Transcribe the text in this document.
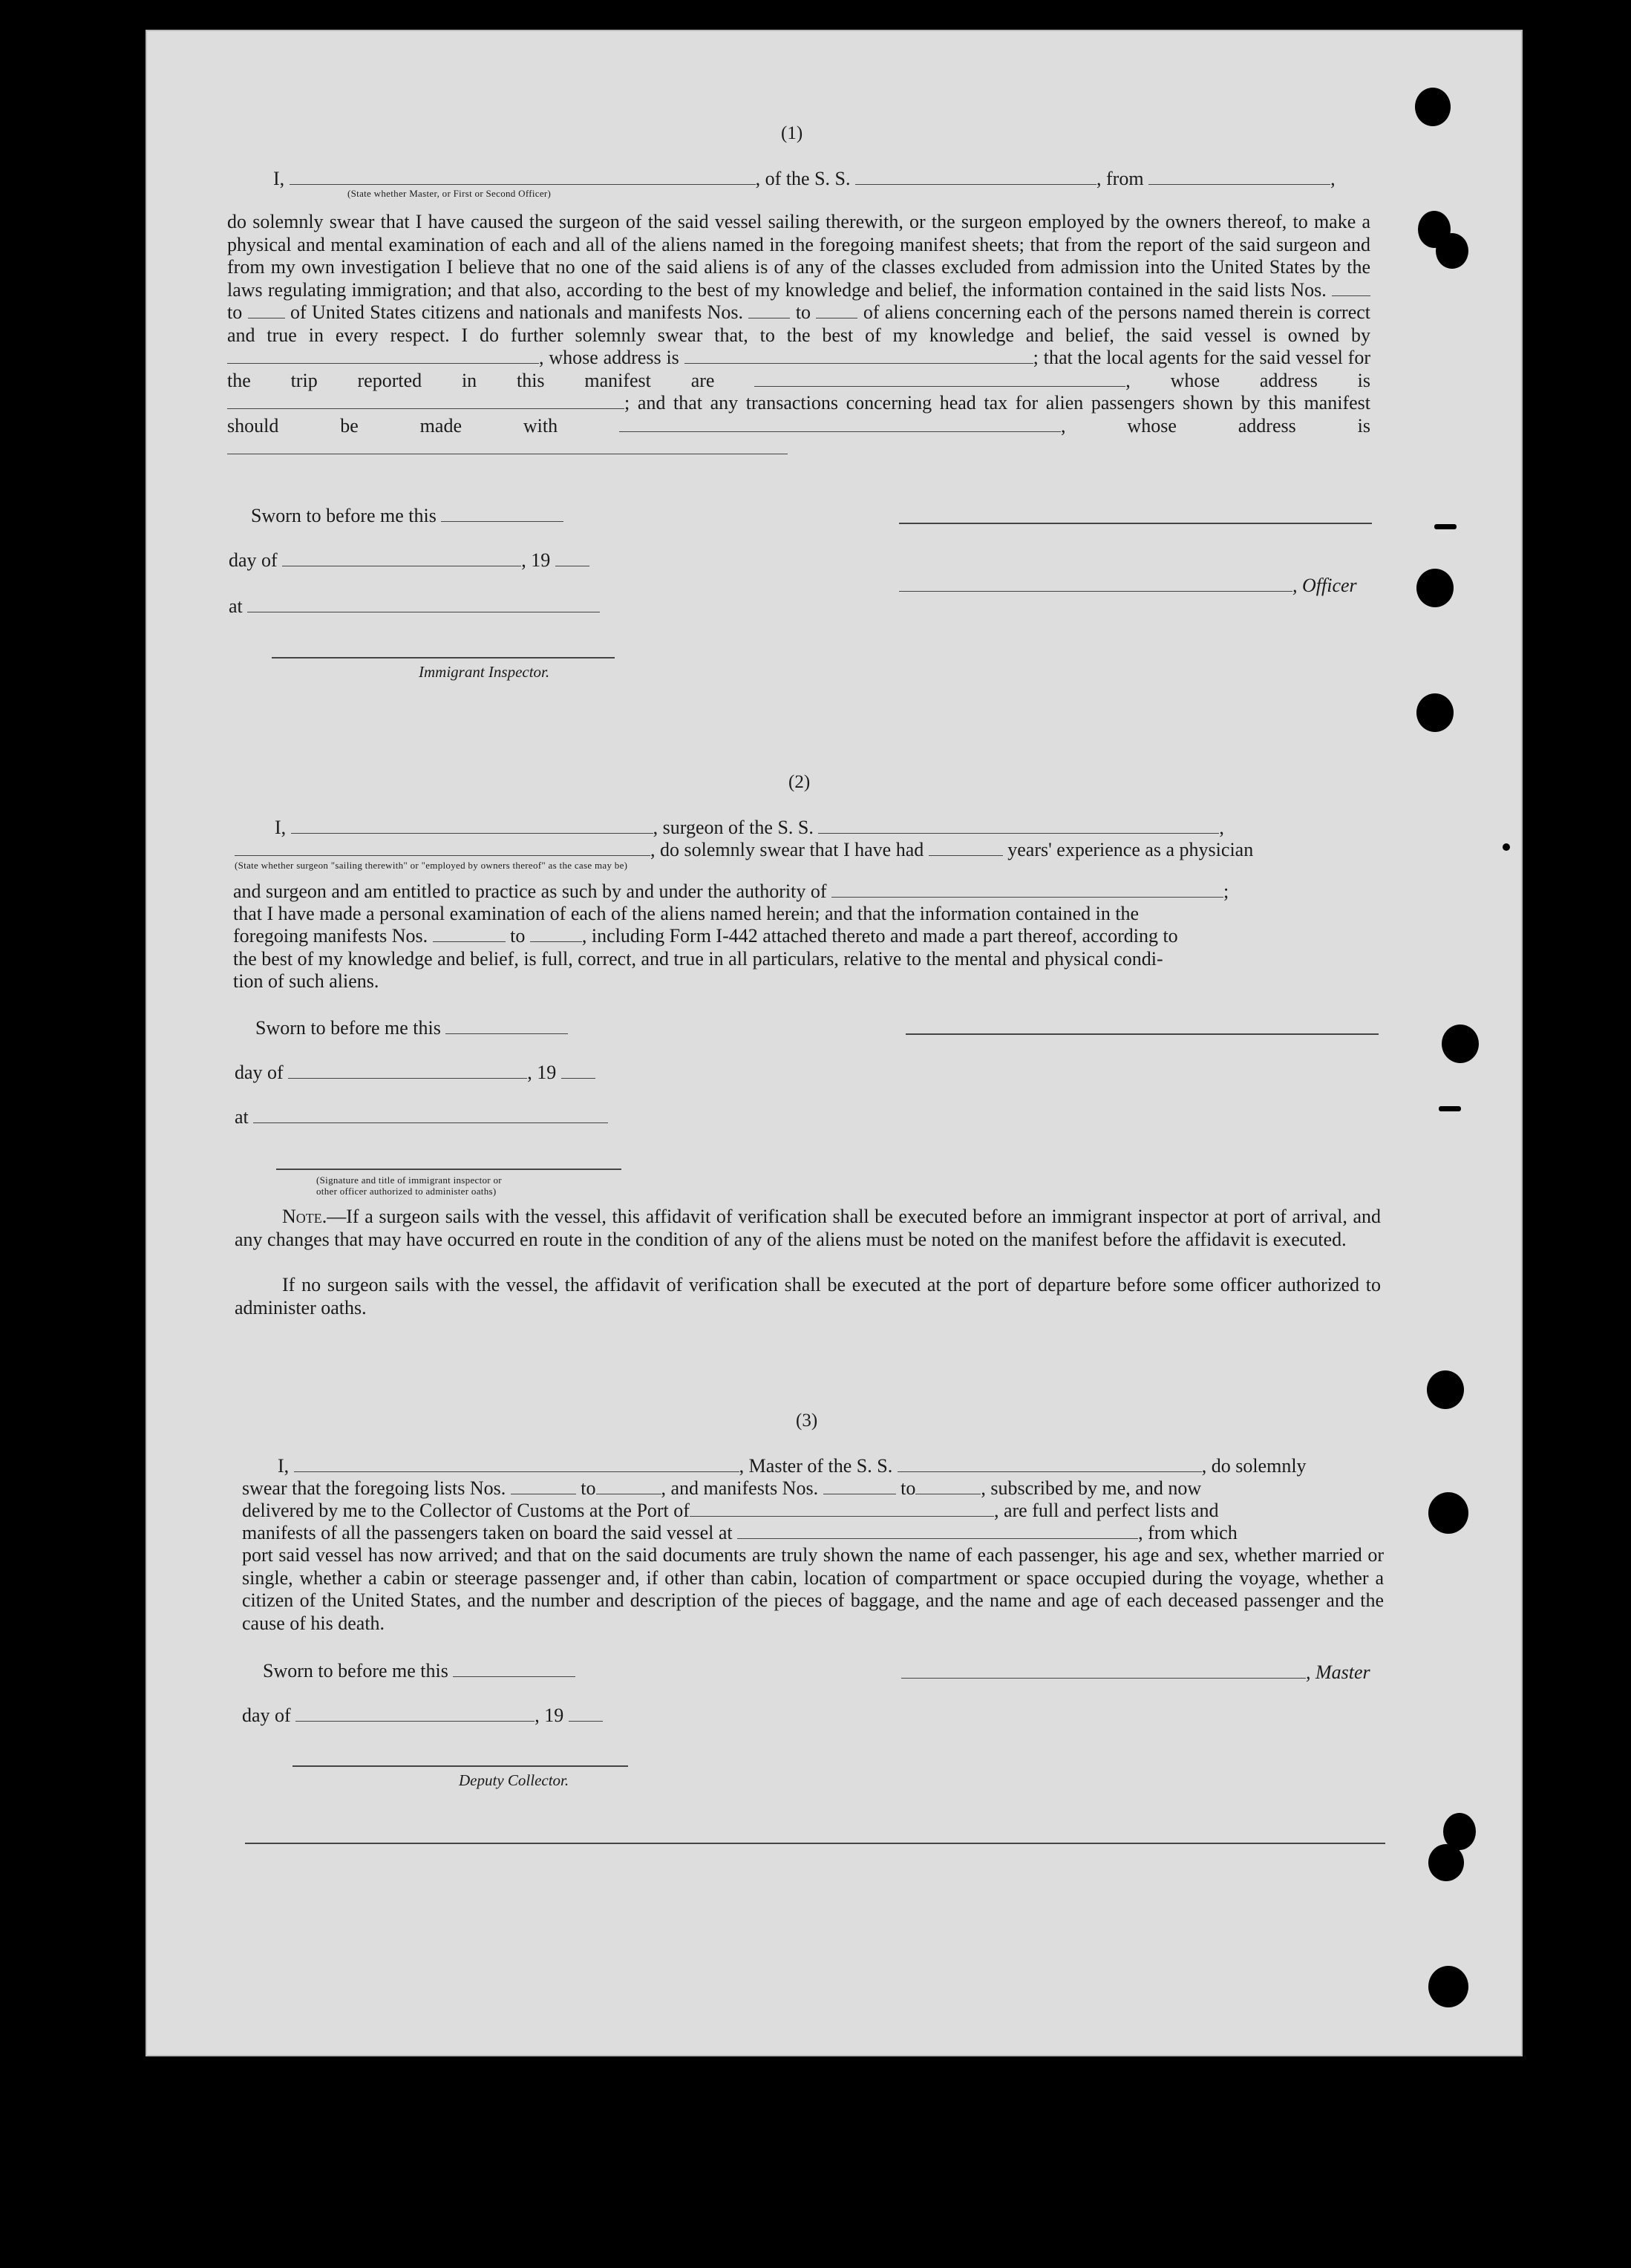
(1)
I,	, of the S. S.	, from	,
(State whether Master, or First or Second Officer)
do solemnly swear that I have caused the surgeon of the said vessel sailing therewith, or the surgeon employed by the owners thereof, to make a physical and mental examination of each and all of the aliens named in the foregoing manifest sheets; that from the report of the said surgeon and from my own investigation I believe that no one of the said aliens is of any of the classes excluded from admission into the United States by the laws regulating immigration; and that also, according to the best of my knowledge and belief, the information contained in the said lists Nos.  to of United States citizens and nationals and manifests Nos.	to	of aliens concerning each of the persons named therein is correct and true in every respect. I do further solemnly swear that, to the best of my knowledge and belief, the said vessel is owned by , whose address is	; that the local agents for the said vessel for the trip reported in this manifest are	, whose address is ; and that any transactions concerning head tax for alien passengers shown by this manifest should be made with	, whose address is
Sworn to before me this
day of	, 19
, Officer
at
Immigrant Inspector.
(2)
I,	, surgeon of the S. S.	,
, do solemnly swear that I have had	years' experience as a physician
(State whether surgeon "sailing therewith" or "employed by owners thereof" as the case may be)
and surgeon and am entitled to practice as such by and under the authority of	;
that I have made a personal examination of each of the aliens named herein; and that the information contained in the
foregoing manifests Nos.	to	, including Form I-442 attached thereto and made a part thereof, according to
the best of my knowledge and belief, is full, correct, and true in all particulars, relative to the mental and physical condi-
tion of such aliens.
Sworn to before me this
day of	, 19
at
(Signature and title of immigrant inspector or
other officer authorized to administer oaths)
Note.—If a surgeon sails with the vessel, this affidavit of verification shall be executed before an immigrant inspector at port of arrival, and any changes that may have occurred en route in the condition of any of the aliens must be noted on the manifest before the affidavit is executed.
If no surgeon sails with the vessel, the affidavit of verification shall be executed at the port of departure before some officer authorized to administer oaths.
(3)
I,	, Master of the S. S.	, do solemnly
swear that the foregoing lists Nos.	to	, and manifests Nos.	to	, subscribed by me, and now
delivered by me to the Collector of Customs at the Port of	, are full and perfect lists and
manifests of all the passengers taken on board the said vessel at	, from which
port said vessel has now arrived; and that on the said documents are truly shown the name of each passenger, his age and sex, whether married or single, whether a cabin or steerage passenger and, if other than cabin, location of compartment or space occupied during the voyage, whether a citizen of the United States, and the number and description of the pieces of baggage, and the name and age of each deceased passenger and the cause of his death.
Sworn to before me this	, Master
day of	, 19
Deputy Collector.
